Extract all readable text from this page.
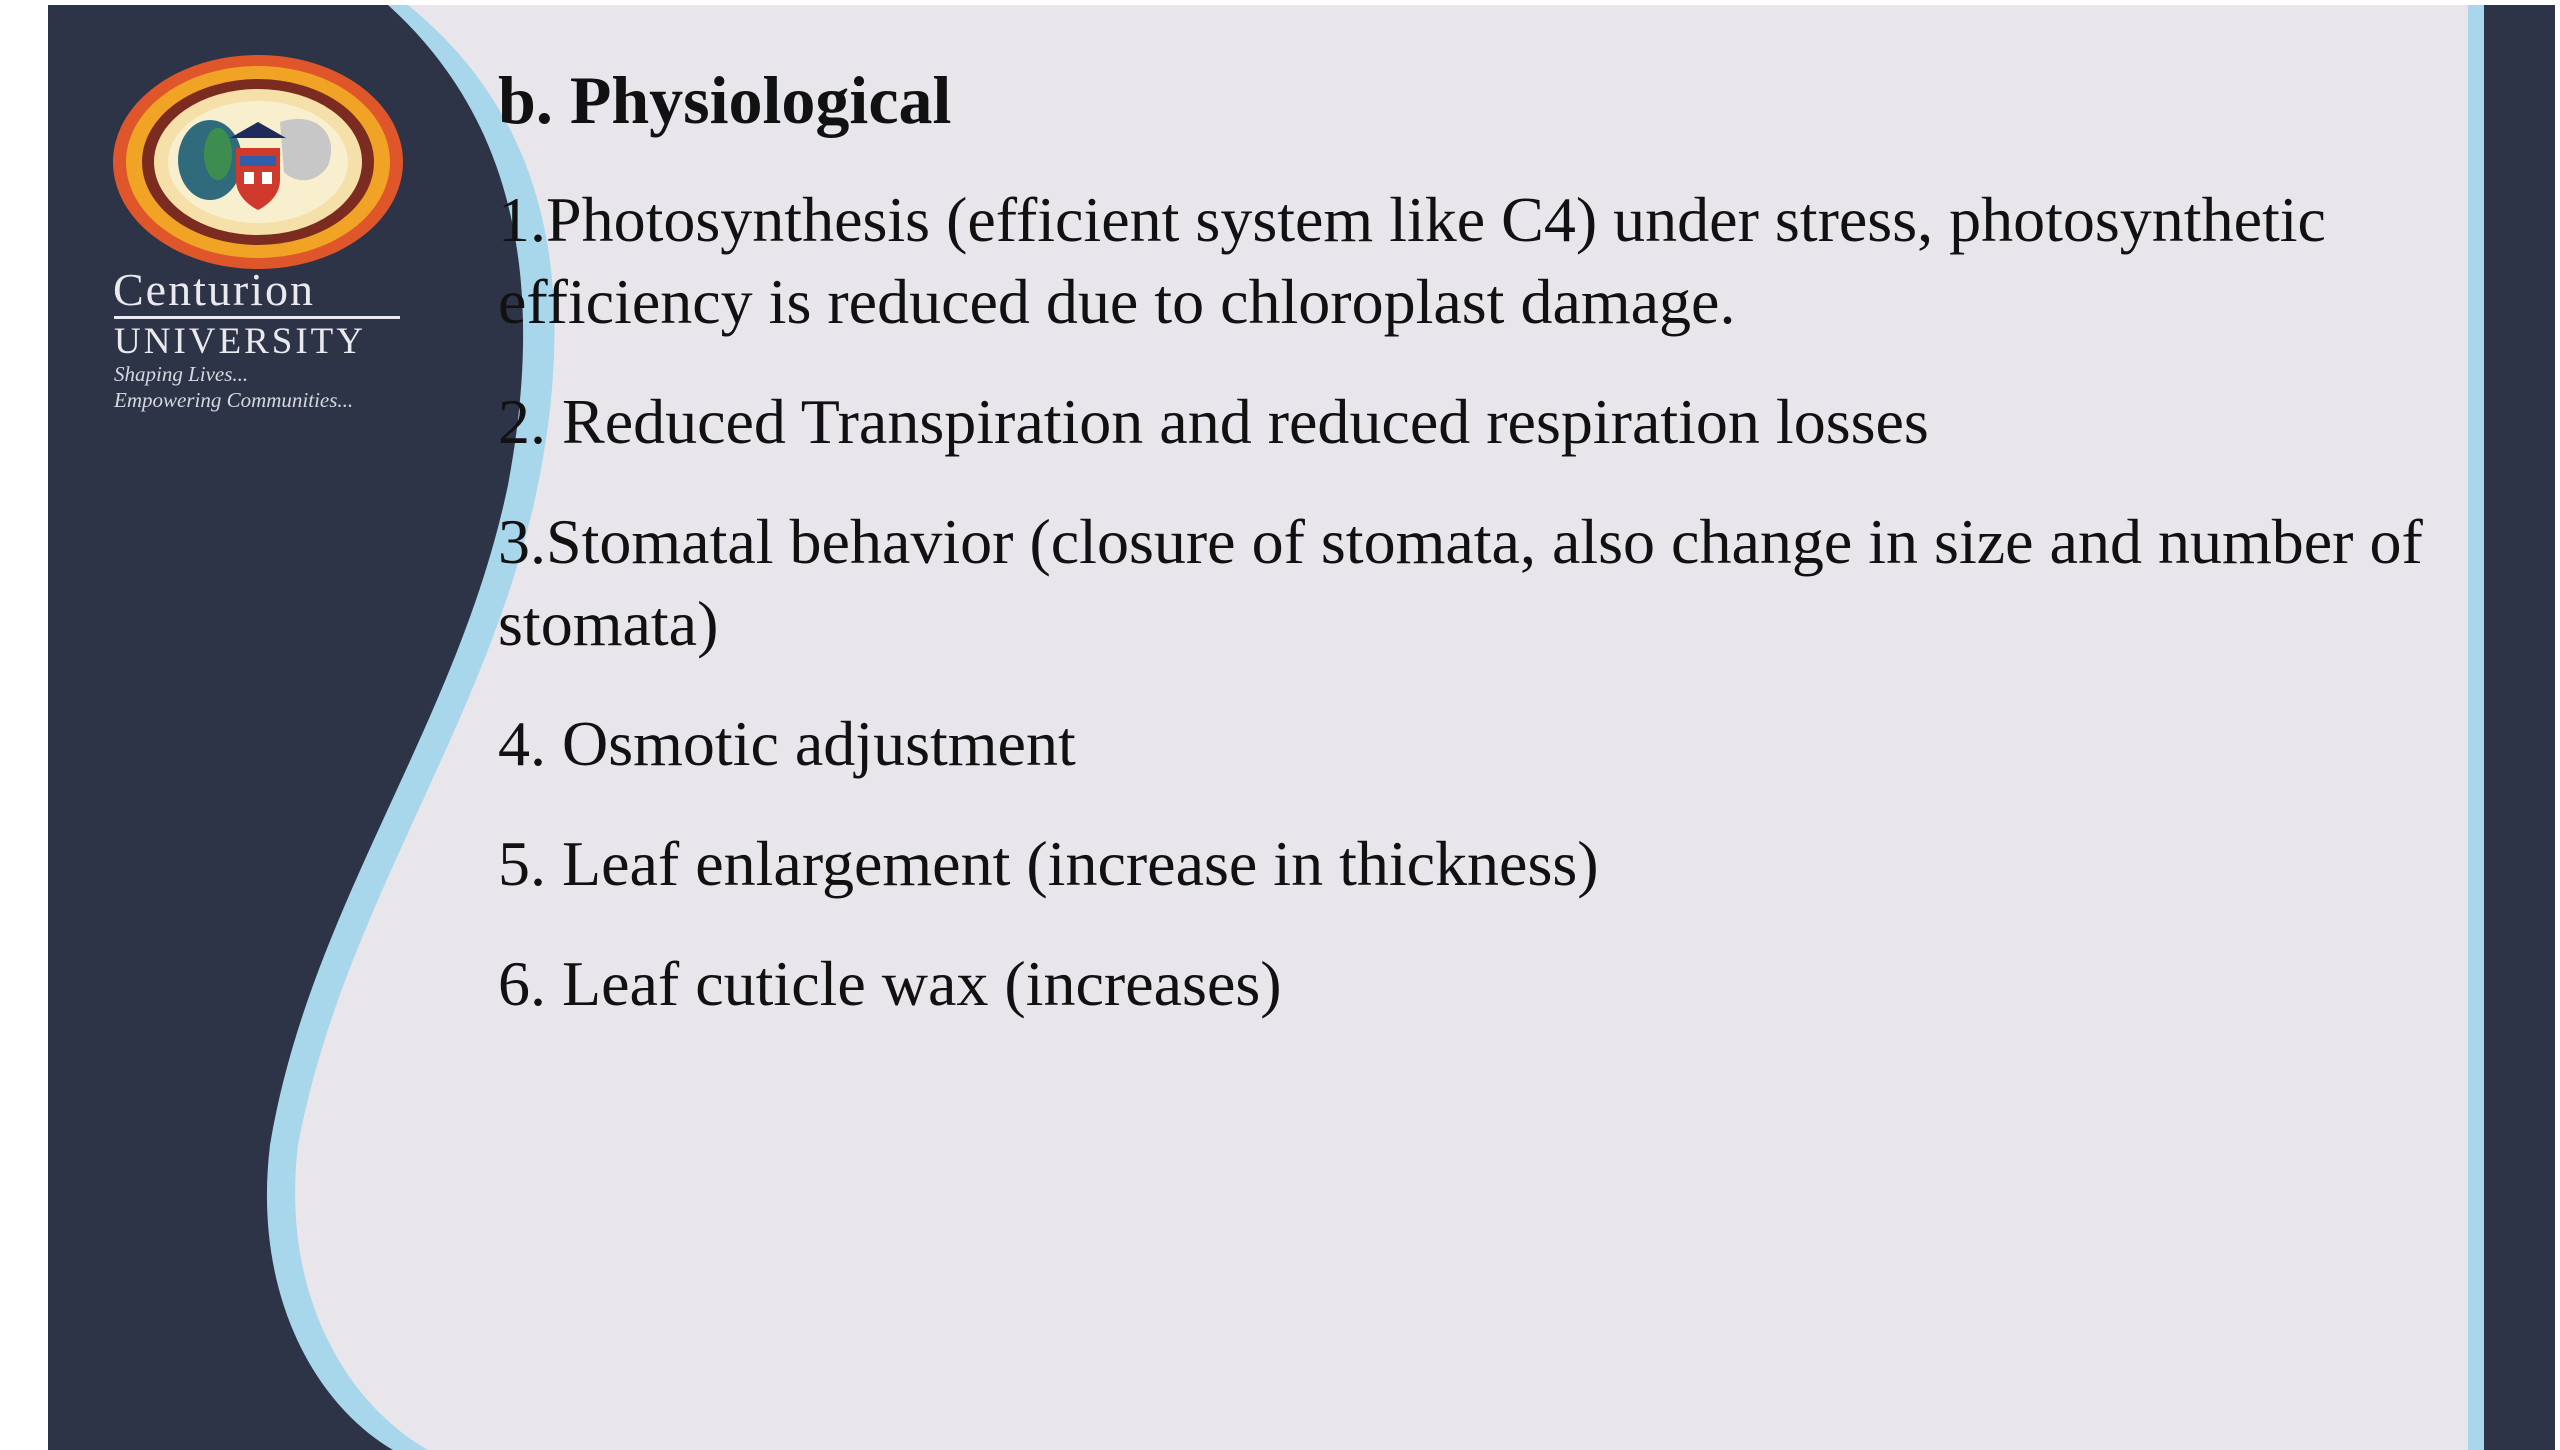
Centurion

UNIVERSITY

Shaping Lives...
Empowering Communities...
b. Physiological
1.Photosynthesis (efficient system like C4) under stress, photosynthetic efficiency is reduced due to chloroplast damage.
2. Reduced Transpiration and reduced respiration losses
3.Stomatal behavior (closure of stomata, also change in size and number of stomata)
4. Osmotic adjustment
5. Leaf enlargement (increase in thickness)
6. Leaf cuticle wax (increases)
